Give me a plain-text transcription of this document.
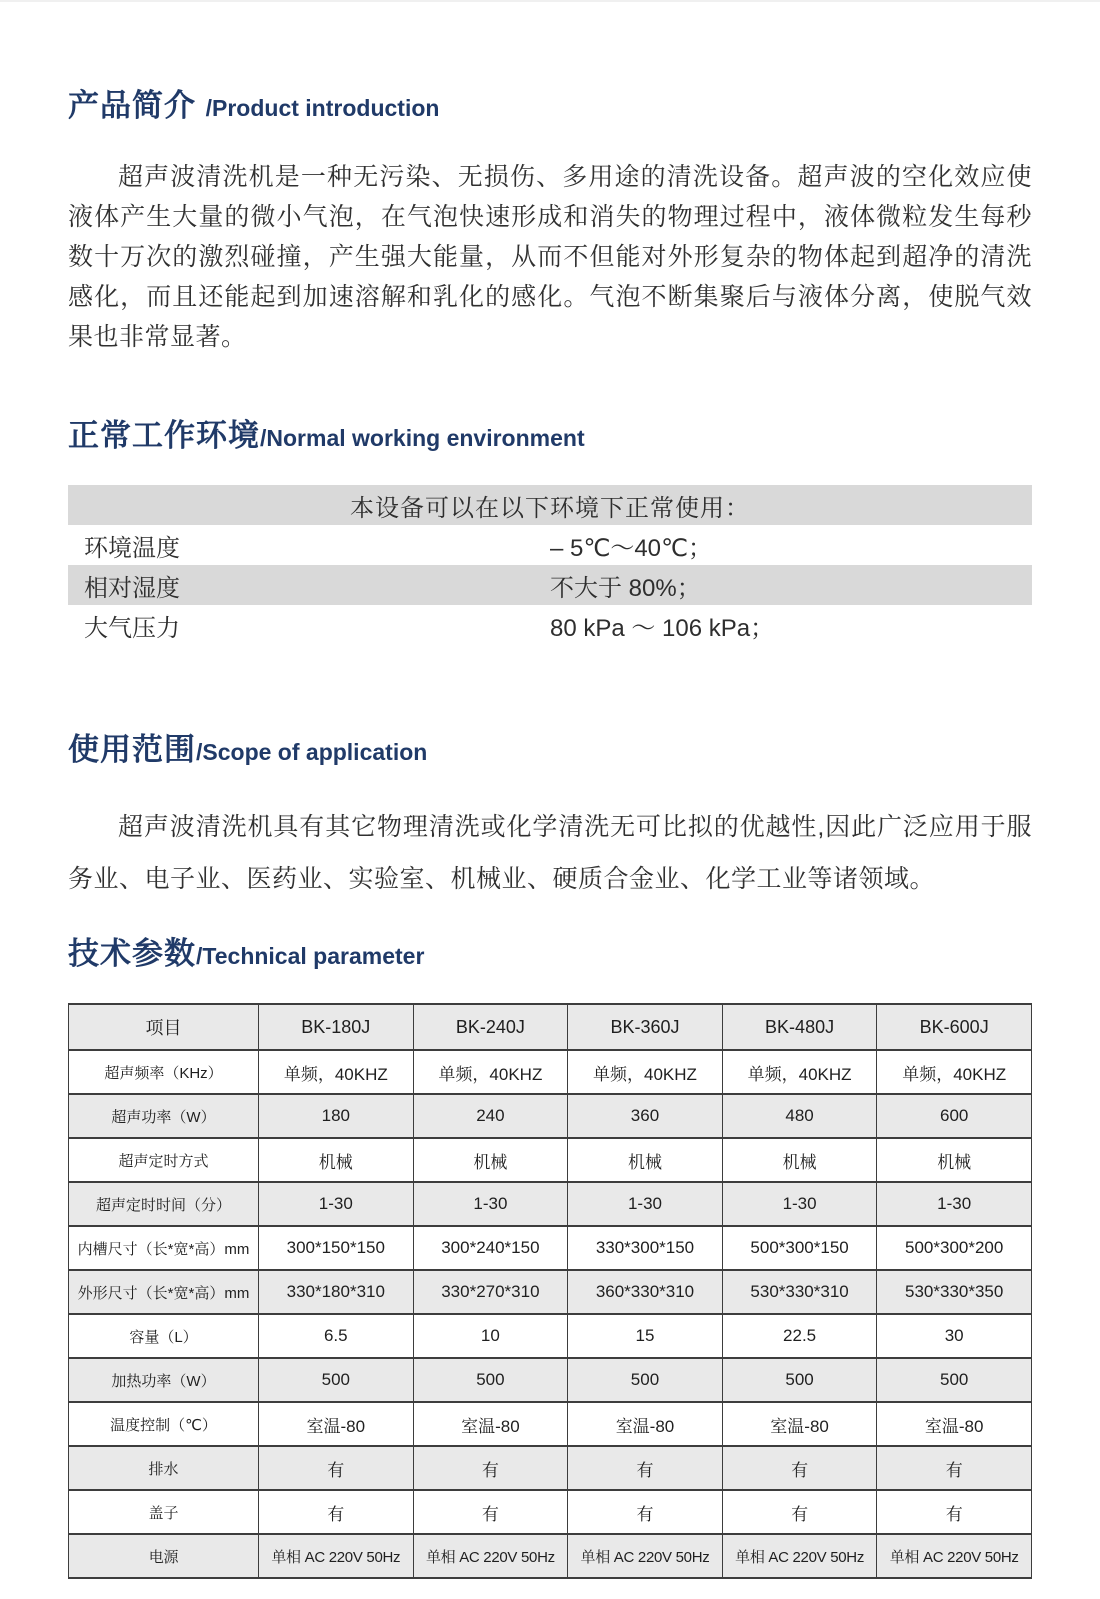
产品简介 /Product introduction

超声波清洗机是一种无污染、无损伤、多用途的清洗设备。超声波的空化效应使液体产生大量的微小气泡，在气泡快速形成和消失的物理过程中，液体微粒发生每秒数十万次的激烈碰撞，产生强大能量，从而不但能对外形复杂的物体起到超净的清洗感化，而且还能起到加速溶解和乳化的感化。气泡不断集聚后与液体分离，使脱气效果也非常显著。

正常工作环境 /Normal working environment
本设备可以在以下环境下正常使用：	
环境温度	– 5℃～40℃；
相对湿度	不大于 80%；
大气压力	80 kPa ～ 106 kPa；
使用范围 /Scope of application

超声波清洗机具有其它物理清洗或化学清洗无可比拟的优越性,因此广泛应用于服务业、电子业、医药业、实验室、机械业、硬质合金业、化学工业等诸领域。

技术参数 /Technical parameter
项目	BK-180J	BK-240J	BK-360J	BK-480J	BK-600J
超声频率（KHz）	单频，40KHZ	单频，40KHZ	单频，40KHZ	单频，40KHZ	单频，40KHZ
超声功率（W）	180	240	360	480	600
超声定时方式	机械	机械	机械	机械	机械
超声定时时间（分）	1-30	1-30	1-30	1-30	1-30
内槽尺寸（长*宽*高）mm	300*150*150	300*240*150	330*300*150	500*300*150	500*300*200
外形尺寸（长*宽*高）mm	330*180*310	330*270*310	360*330*310	530*330*310	530*330*350
容量（L）	6.5	10	15	22.5	30
加热功率（W）	500	500	500	500	500
温度控制（℃）	室温-80	室温-80	室温-80	室温-80	室温-80
排水	有	有	有	有	有
盖子	有	有	有	有	有
电源	单相 AC 220V 50Hz	单相 AC 220V 50Hz	单相 AC 220V 50Hz	单相 AC 220V 50Hz	单相 AC 220V 50Hz
